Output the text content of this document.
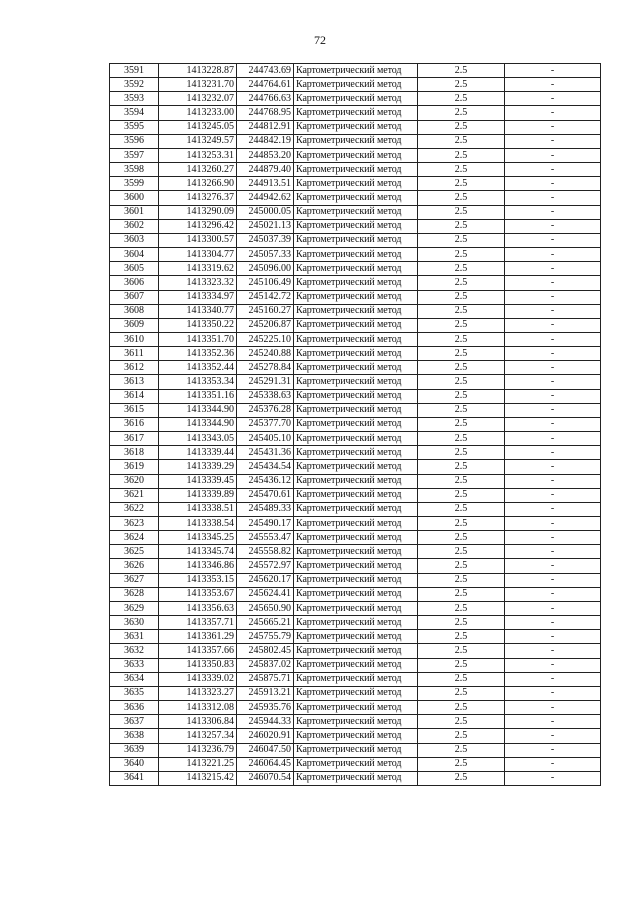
72
3591	1413228.87	244743.69	Картометрический метод	2.5	-
3592	1413231.70	244764.61	Картометрический метод	2.5	-
3593	1413232.07	244766.63	Картометрический метод	2.5	-
3594	1413233.00	244768.95	Картометрический метод	2.5	-
3595	1413245.05	244812.91	Картометрический метод	2.5	-
3596	1413249.57	244842.19	Картометрический метод	2.5	-
3597	1413253.31	244853.20	Картометрический метод	2.5	-
3598	1413260.27	244879.40	Картометрический метод	2.5	-
3599	1413266.90	244913.51	Картометрический метод	2.5	-
3600	1413276.37	244942.62	Картометрический метод	2.5	-
3601	1413290.09	245000.05	Картометрический метод	2.5	-
3602	1413296.42	245021.13	Картометрический метод	2.5	-
3603	1413300.57	245037.39	Картометрический метод	2.5	-
3604	1413304.77	245057.33	Картометрический метод	2.5	-
3605	1413319.62	245096.00	Картометрический метод	2.5	-
3606	1413323.32	245106.49	Картометрический метод	2.5	-
3607	1413334.97	245142.72	Картометрический метод	2.5	-
3608	1413340.77	245160.27	Картометрический метод	2.5	-
3609	1413350.22	245206.87	Картометрический метод	2.5	-
3610	1413351.70	245225.10	Картометрический метод	2.5	-
3611	1413352.36	245240.88	Картометрический метод	2.5	-
3612	1413352.44	245278.84	Картометрический метод	2.5	-
3613	1413353.34	245291.31	Картометрический метод	2.5	-
3614	1413351.16	245338.63	Картометрический метод	2.5	-
3615	1413344.90	245376.28	Картометрический метод	2.5	-
3616	1413344.90	245377.70	Картометрический метод	2.5	-
3617	1413343.05	245405.10	Картометрический метод	2.5	-
3618	1413339.44	245431.36	Картометрический метод	2.5	-
3619	1413339.29	245434.54	Картометрический метод	2.5	-
3620	1413339.45	245436.12	Картометрический метод	2.5	-
3621	1413339.89	245470.61	Картометрический метод	2.5	-
3622	1413338.51	245489.33	Картометрический метод	2.5	-
3623	1413338.54	245490.17	Картометрический метод	2.5	-
3624	1413345.25	245553.47	Картометрический метод	2.5	-
3625	1413345.74	245558.82	Картометрический метод	2.5	-
3626	1413346.86	245572.97	Картометрический метод	2.5	-
3627	1413353.15	245620.17	Картометрический метод	2.5	-
3628	1413353.67	245624.41	Картометрический метод	2.5	-
3629	1413356.63	245650.90	Картометрический метод	2.5	-
3630	1413357.71	245665.21	Картометрический метод	2.5	-
3631	1413361.29	245755.79	Картометрический метод	2.5	-
3632	1413357.66	245802.45	Картометрический метод	2.5	-
3633	1413350.83	245837.02	Картометрический метод	2.5	-
3634	1413339.02	245875.71	Картометрический метод	2.5	-
3635	1413323.27	245913.21	Картометрический метод	2.5	-
3636	1413312.08	245935.76	Картометрический метод	2.5	-
3637	1413306.84	245944.33	Картометрический метод	2.5	-
3638	1413257.34	246020.91	Картометрический метод	2.5	-
3639	1413236.79	246047.50	Картометрический метод	2.5	-
3640	1413221.25	246064.45	Картометрический метод	2.5	-
3641	1413215.42	246070.54	Картометрический метод	2.5	-
